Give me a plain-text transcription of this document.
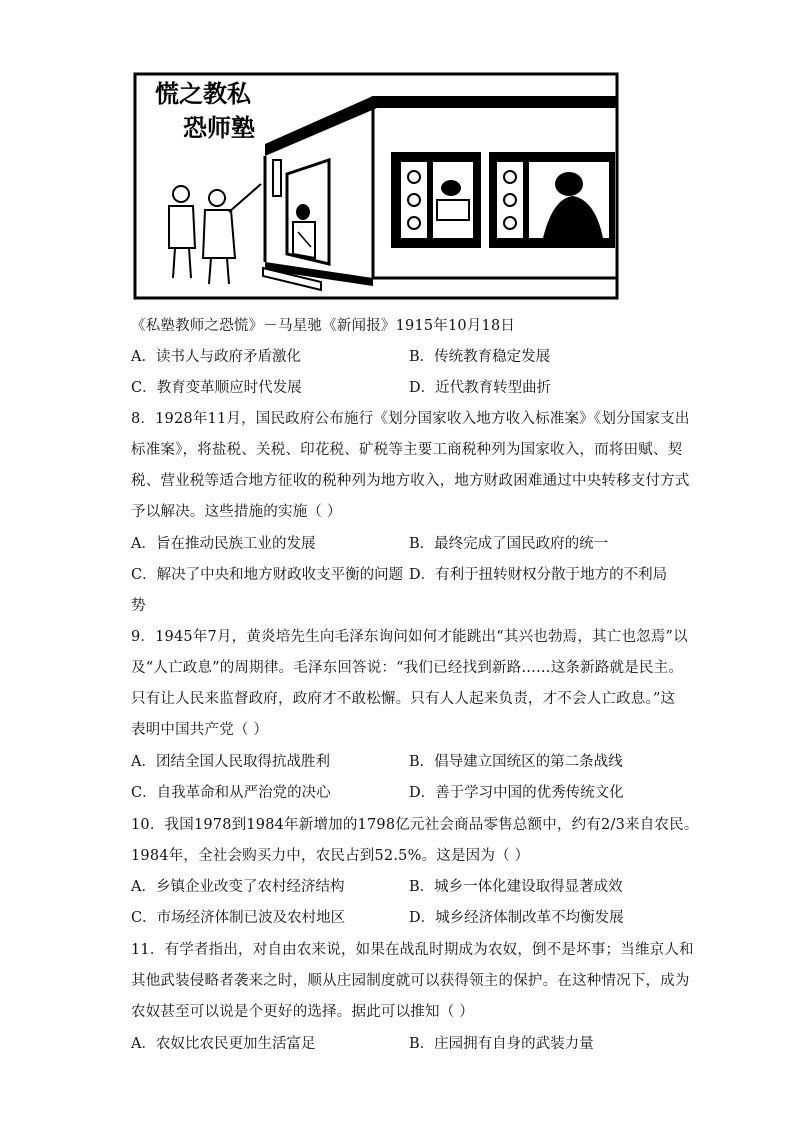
慌之教私
恐师塾
《私塾教师之恐慌》－马星驰《新闻报》1915年10月18日
A．读书人与政府矛盾激化	B．传统教育稳定发展
C．教育变革顺应时代发展	D．近代教育转型曲折
8．1928年11月，国民政府公布施行《划分国家收入地方收入标准案》《划分国家支出
标准案》，将盐税、关税、印花税、矿税等主要工商税种列为国家收入，而将田赋、契
税、营业税等适合地方征收的税种列为地方收入，地方财政困难通过中央转移支付方式
予以解决。这些措施的实施（ ）
A．旨在推动民族工业的发展	B．最终完成了国民政府的统一
C．解决了中央和地方财政收支平衡的问题 D．有利于扭转财权分散于地方的不利局
势
9．1945年7月，黄炎培先生向毛泽东询问如何才能跳出“其兴也勃焉，其亡也忽焉”以
及“人亡政息”的周期律。毛泽东回答说：“我们已经找到新路……这条新路就是民主。
只有让人民来监督政府，政府才不敢松懈。只有人人起来负责，才不会人亡政息。”这
表明中国共产党（ ）
A．团结全国人民取得抗战胜利	B．倡导建立国统区的第二条战线
C．自我革命和从严治党的决心	D．善于学习中国的优秀传统文化
10．我国1978到1984年新增加的1798亿元社会商品零售总额中，约有2/3来自农民。
1984年，全社会购买力中，农民占到52.5%。这是因为（ ）
A．乡镇企业改变了农村经济结构	B．城乡一体化建设取得显著成效
C．市场经济体制已波及农村地区	D．城乡经济体制改革不均衡发展
11．有学者指出，对自由农来说，如果在战乱时期成为农奴，倒不是坏事；当维京人和
其他武装侵略者袭来之时，顺从庄园制度就可以获得领主的保护。在这种情况下，成为
农奴甚至可以说是个更好的选择。据此可以推知（ ）
A．农奴比农民更加生活富足	B．庄园拥有自身的武装力量
